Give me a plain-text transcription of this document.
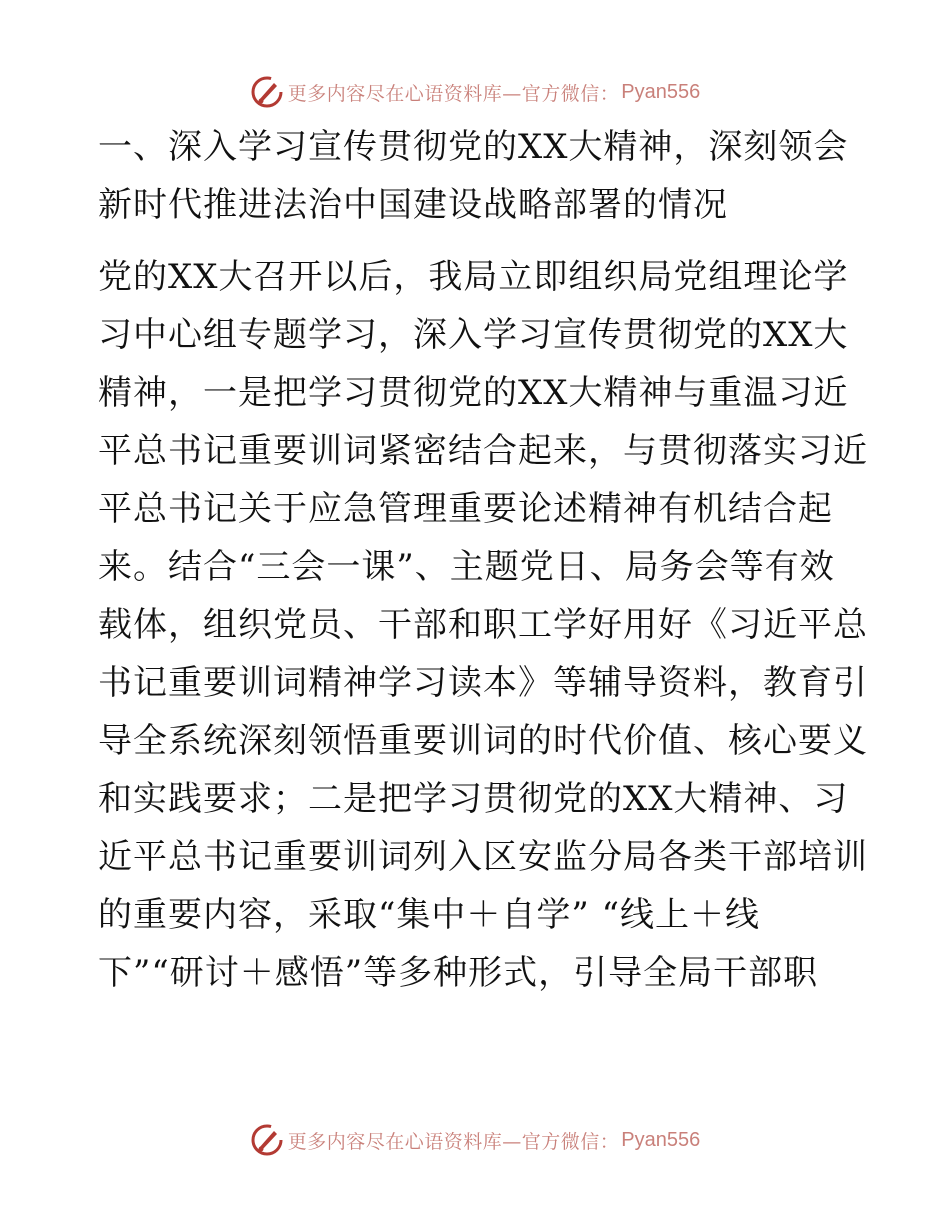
更多内容尽在心语资料库—官方微信： Pyan556
一、深入学习宣传贯彻党的XX大精神，深刻领会
新时代推进法治中国建设战略部署的情况
党的XX大召开以后，我局立即组织局党组理论学
习中心组专题学习，深入学习宣传贯彻党的XX大
精神，一是把学习贯彻党的XX大精神与重温习近
平总书记重要训词紧密结合起来，与贯彻落实习近
平总书记关于应急管理重要论述精神有机结合起
来。结合“三会一课”、主题党日、局务会等有效
载体，组织党员、干部和职工学好用好《习近平总
书记重要训词精神学习读本》等辅导资料，教育引
导全系统深刻领悟重要训词的时代价值、核心要义
和实践要求；二是把学习贯彻党的XX大精神、习
近平总书记重要训词列入区安监分局各类干部培训
的重要内容，采取“集中＋自学” “线上＋线
下”“研讨＋感悟”等多种形式，引导全局干部职
更多内容尽在心语资料库—官方微信： Pyan556
